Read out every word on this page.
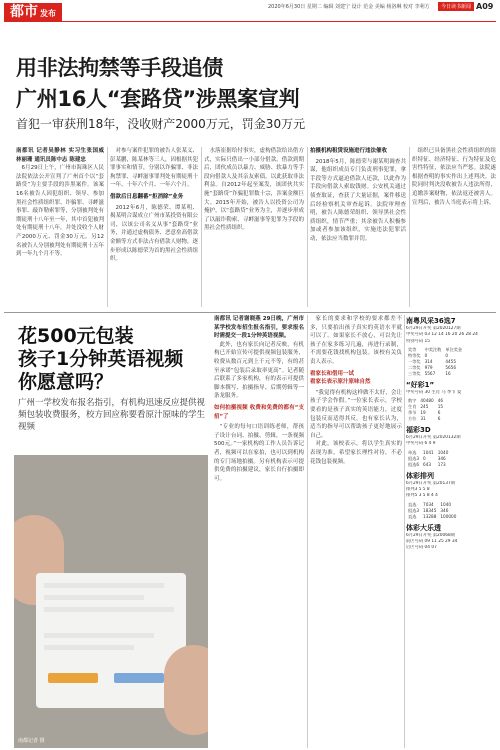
都市 发布
2020年6月30日 星期二 编辑 刘建宁 设计 范金 美编 杨洛琳 校对 李利方	今日读书新闻 A09
用非法拘禁等手段追债
广州16人“套路贷”涉黑案宣判
首犯一审获刑18年，没收财产2000万元，罚金30万元

南都讯 记者吴静林 实习生张国威 林丽珊 通讯员陈中志 陈建忠

6月29日上午，广州市海珠区人民法院依法公开宣判了广州首个以“套路贷”为主要手段的涉黑案件。该案16名被告人因犯组织、领导、参加黑社会性质组织罪、诈骗罪、寻衅滋事罪、敲诈勒索罪等，分别被判处有期徒刑十八年至一年，其中首犯被判处有期徒刑十八年，并处没收个人财产2000万元、罚金30万元。另12名被告人分别被判处有期徒刑十五年到一年九个月不等。

对参与案件犯罪的被告人张某义、彭某鹏，陈某林等三人，因根据其犯罪事实和情节，分别以诈骗罪、非法拘禁罪、寻衅滋事罪判处有期徒刑十一年、十年六个月、一年六个月。

借款后日息翻番“拒消除”业务

2012年6月，陈德荣、谭某明、揭某明合谋成立广州市某投资有限公司，以该公司名义从事“套路贷”业务，并通过虚构债务、恶意垒高借款金额等方式非法占有借款人财物，逐步形成以陈德荣为首的黑社会性质组织。

水落崔据给付事实，虚构借款给出借方式，实际只借出一小部分借款。借款到期后，团伙成员以暴力、威胁、软暴力等手段向借款人及其亲友索债，以此获取非法利益。自2012年起至案发，该团伙共实施“套路贷”诈骗犯罪数十宗，涉案金额巨大。2015年开始，被告人以投资公司为掩护，以“套路贷”业务为主，并逐步形成了以敲诈勒索、寻衅滋事等犯罪为手段的黑社会性质组织。

拍摄机构租赁设施进行违法催收

2018年5月，陈德荣与谢某明调查共谋，他组织成员专门负责刑事犯罪，拿手段等方式逼迫借款人还款，以此作为手段向借款人索取钱财。公安机关通过侦查取证，查获了大量证据，案件移送后经检察机关审查起诉。法院审理查明，被告人陈德荣组织、领导黑社会性质组织，情节严重；其余被告人积极参加或者参加该组织，实施违法犯罪活动，依法应当数罪并罚。

组织已具备黑社会性质组织的组织特征、经济特征、行为特征及危害性特征，依法应当严惩。法院遂根据查明的事实作出上述判决。法院同时判决没收被告人违法所得，追缴涉案财物，依法返还被害人。宣判后，被告人当庭表示将上诉。

花500元包装
孩子1分钟英语视频
你愿意吗？
广州一学校发布报名指引，有机构迅速反应提供视频包装收费服务，校方回应称要看原汁原味的学生视频
南都记者 摄

南都讯 记者谢晓燕 29日晚，广州市某学校发布招生报名指引，要求报名时需提交一段1分钟英语视频。

此外，也有家长向记者反映，有机构已开始宣传可提供视频包装服务，收费从数百元到上千元不等，有的甚至承诺“包装后录取率更高”。记者随后联系了多家机构，有的表示可提供脚本撰写、拍摄指导、后期剪辑等一条龙服务。

如何拍摄视频 收费和免费的都有“支招”了

“专业的每句口语训练老师，帮孩子设计台词、拍摄、剪辑，一条视频500元。”一家机构的工作人员告诉记者，视频可以在家拍，也可以到机构的专门场地拍摄。另有机构表示可提供免费的拍摄建议，家长自行拍摄即可。

家长的要求和学校的要求都差不多，只要拍出孩子真实的英语水平就可以了。如果家长不放心，可以先让孩子在家多练习几遍，再进行录制，不需要花钱找机构包装。该校有关负责人表示。

看家长和借用一试
看家长表示原汁原味自然

“我觉得有机构这样做不太好，会让孩子学会作假。”一位家长表示，学校要看的是孩子真实的英语能力，过度包装反而适得其反。也有家长认为，适当的指导可以帮助孩子更好地展示自己。

对此，该校表示，将以学生真实的表现为准，希望家长理性对待，不必花钱包装视频。

南粤风采36选7
6月29日开奖 第2020127期
中奖号码 03 12 14 16 20 26 28 24
特别号码 15
奖等	中奖注数	单注奖金
特等奖	0	0
一等奖	314	4455
二等奖	979	5656
三等奖	5567	16
“好彩1”
中奖号码 30 生肖 马 季节 夏
数字	40480	46
生肖	245	15
季节	19	6
方位	31	6
福彩3D
6月29日开奖 第2020132期
中奖号码 6 4 9
单选	1041	1040
组选3	0	346
组选6	643	173
体彩排列
6月29日开奖 第20137期
排列3 5 5 8
排列5 3 5 8 4 4
直选	7034	1040
组选3	18345	346
直选	13288	100000
体彩大乐透
6月29日开奖 第20068期
前区号码 09 11 25 29 34
后区号码 04 07
